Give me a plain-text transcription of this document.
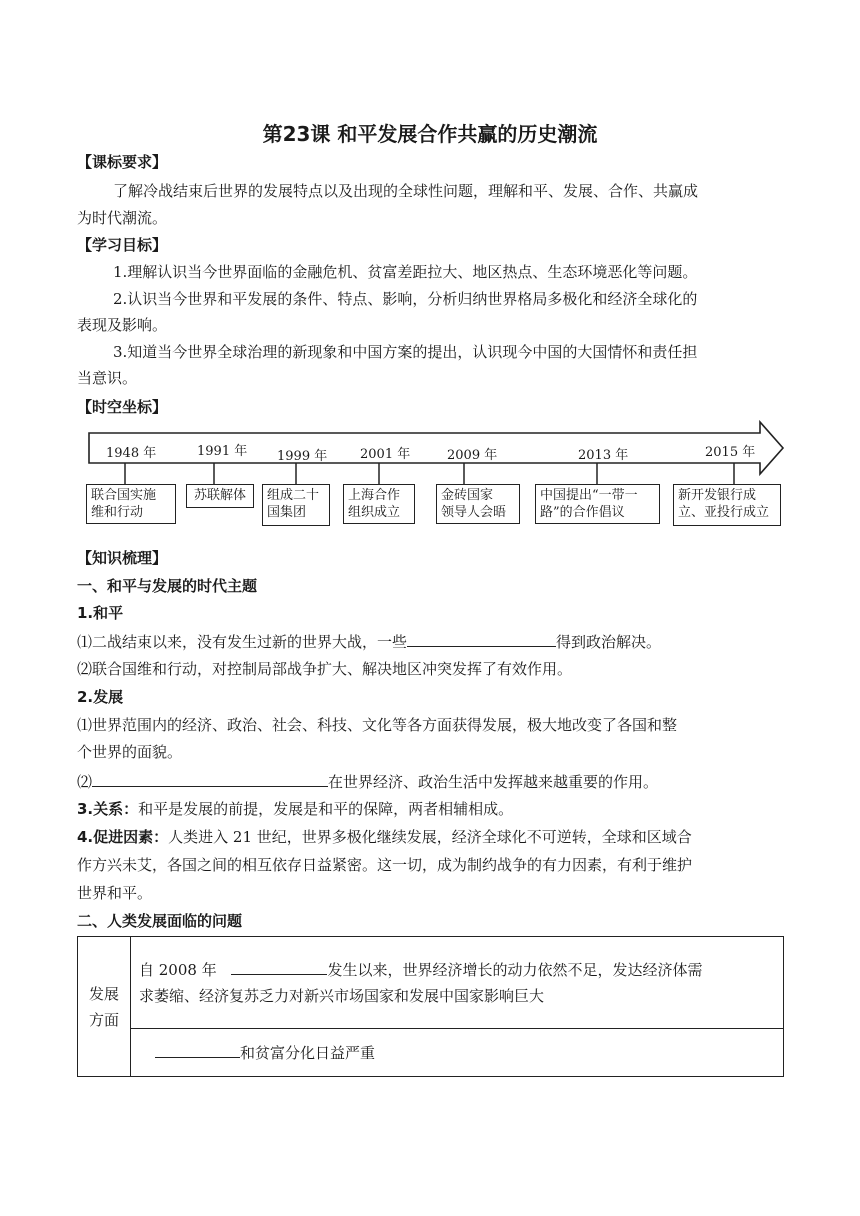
第23课 和平发展合作共赢的历史潮流
【课标要求】
了解冷战结束后世界的发展特点以及出现的全球性问题，理解和平、发展、合作、共赢成
为时代潮流。
【学习目标】
1.理解认识当今世界面临的金融危机、贫富差距拉大、地区热点、生态环境恶化等问题。
2.认识当今世界和平发展的条件、特点、影响，分析归纳世界格局多极化和经济全球化的
表现及影响。
3.知道当今世界全球治理的新现象和中国方案的提出，认识现今中国的大国情怀和责任担
当意识。
【时空坐标】
1948 年	1991 年 1999 年	2001 年	2009 年	2013 年	2015 年
联合国实施
维和行动
苏联解体 组成二十
国集团
上海合作
组织成立
金砖国家
领导人会晤
中国提出“一带一
路”的合作倡议
新开发银行成
立、亚投行成立
【知识梳理】
一、和平与发展的时代主题
1.和平
⑴二战结束以来，没有发生过新的世界大战，一些	得到政治解决。
⑵联合国维和行动，对控制局部战争扩大、解决地区冲突发挥了有效作用。
2.发展
⑴世界范围内的经济、政治、社会、科技、文化等各方面获得发展，极大地改变了各国和整
个世界的面貌。
⑵	在世界经济、政治生活中发挥越来越重要的作用。
3.关系：和平是发展的前提，发展是和平的保障，两者相辅相成。
4.促进因素：人类进入 21 世纪，世界多极化继续发展，经济全球化不可逆转，全球和区域合
作方兴未艾，各国之间的相互依存日益紧密。这一切，成为制约战争的有力因素，有利于维护
世界和平。
二、人类发展面临的问题
发展
方面

自 2008 年	发生以来，世界经济增长的动力依然不足，发达经济体需
求萎缩、经济复苏乏力对新兴市场国家和发展中国家影响巨大

和贫富分化日益严重
